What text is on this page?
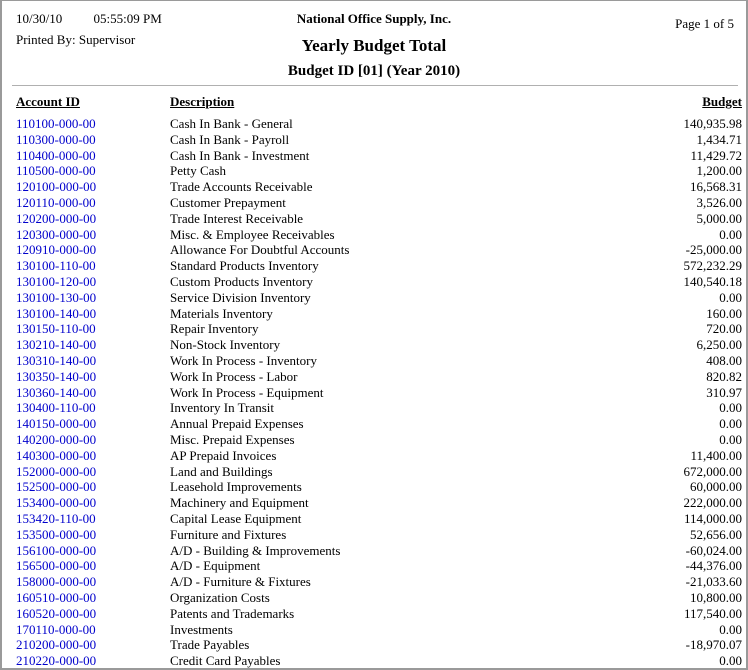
10/30/10 05:55:09 PM
Printed By: Supervisor
National Office Supply, Inc.
Yearly Budget Total
Budget ID [01] (Year 2010)
Page 1 of 5
Account ID	Description	Budget
110100-000-00	Cash In Bank - General	140,935.98
110300-000-00	Cash In Bank - Payroll	1,434.71
110400-000-00	Cash In Bank - Investment	11,429.72
110500-000-00	Petty Cash	1,200.00
120100-000-00	Trade Accounts Receivable	16,568.31
120110-000-00	Customer Prepayment	3,526.00
120200-000-00	Trade Interest Receivable	5,000.00
120300-000-00	Misc. & Employee Receivables	0.00
120910-000-00	Allowance For Doubtful Accounts	-25,000.00
130100-110-00	Standard Products Inventory	572,232.29
130100-120-00	Custom Products Inventory	140,540.18
130100-130-00	Service Division Inventory	0.00
130100-140-00	Materials Inventory	160.00
130150-110-00	Repair Inventory	720.00
130210-140-00	Non-Stock Inventory	6,250.00
130310-140-00	Work In Process - Inventory	408.00
130350-140-00	Work In Process - Labor	820.82
130360-140-00	Work In Process - Equipment	310.97
130400-110-00	Inventory In Transit	0.00
140150-000-00	Annual Prepaid Expenses	0.00
140200-000-00	Misc. Prepaid Expenses	0.00
140300-000-00	AP Prepaid Invoices	11,400.00
152000-000-00	Land and Buildings	672,000.00
152500-000-00	Leasehold Improvements	60,000.00
153400-000-00	Machinery and Equipment	222,000.00
153420-110-00	Capital Lease Equipment	114,000.00
153500-000-00	Furniture and Fixtures	52,656.00
156100-000-00	A/D - Building & Improvements	-60,024.00
156500-000-00	A/D - Equipment	-44,376.00
158000-000-00	A/D - Furniture & Fixtures	-21,033.60
160510-000-00	Organization Costs	10,800.00
160520-000-00	Patents and Trademarks	117,540.00
170110-000-00	Investments	0.00
210200-000-00	Trade Payables	-18,970.07
210220-000-00	Credit Card Payables	0.00
